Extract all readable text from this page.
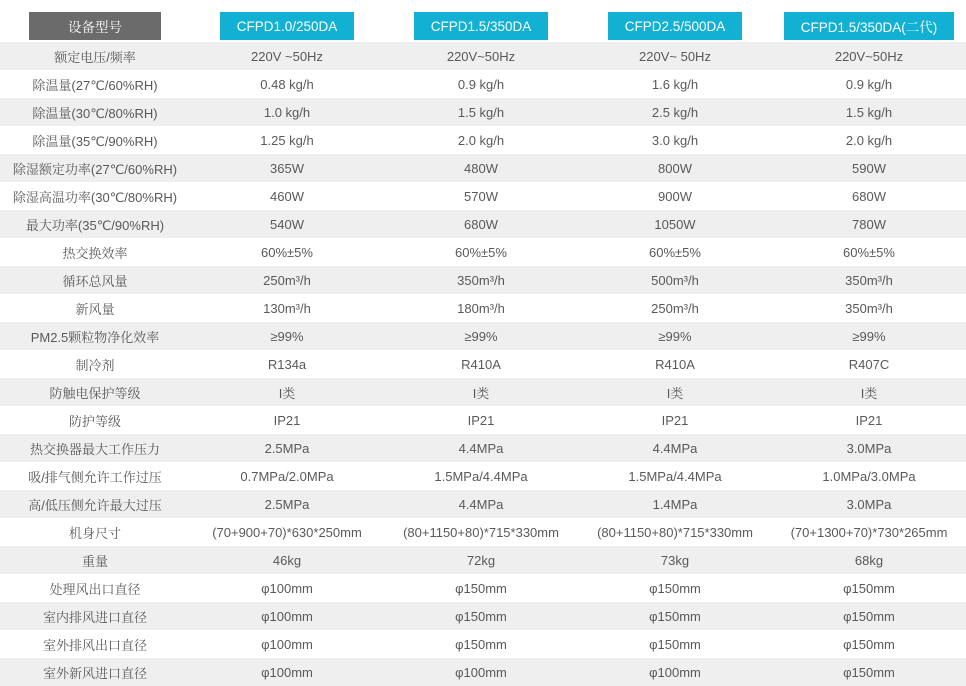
设备型号	CFPD1.0/250DA	CFPD1.5/350DA	CFPD2.5/500DA	CFPD1.5/350DA(二代)
额定电压/频率	220V ~50Hz	220V~50Hz	220V~ 50Hz	220V~50Hz
除温量(27℃/60%RH)	0.48 kg/h	0.9 kg/h	1.6 kg/h	0.9 kg/h
除温量(30℃/80%RH)	1.0 kg/h	1.5 kg/h	2.5 kg/h	1.5 kg/h
除温量(35℃/90%RH)	1.25 kg/h	2.0 kg/h	3.0 kg/h	2.0 kg/h
除湿额定功率(27℃/60%RH)	365W	480W	800W	590W
除湿高温功率(30℃/80%RH)	460W	570W	900W	680W
最大功率(35℃/90%RH)	540W	680W	1050W	780W
热交换效率	60%±5%	60%±5%	60%±5%	60%±5%
循环总风量	250m³/h	350m³/h	500m³/h	350m³/h
新风量	130m³/h	180m³/h	250m³/h	350m³/h
PM2.5颗粒物净化效率	≥99%	≥99%	≥99%	≥99%
制冷剂	R134a	R410A	R410A	R407C
防触电保护等级	I类	I类	I类	I类
防护等级	IP21	IP21	IP21	IP21
热交换器最大工作压力	2.5MPa	4.4MPa	4.4MPa	3.0MPa
吸/排气侧允许工作过压	0.7MPa/2.0MPa	1.5MPa/4.4MPa	1.5MPa/4.4MPa	1.0MPa/3.0MPa
高/低压侧允许最大过压	2.5MPa	4.4MPa	1.4MPa	3.0MPa
机身尺寸	(70+900+70)*630*250mm	(80+1150+80)*715*330mm	(80+1150+80)*715*330mm	(70+1300+70)*730*265mm
重量	46kg	72kg	73kg	68kg
处理风出口直径	φ100mm	φ150mm	φ150mm	φ150mm
室内排风进口直径	φ100mm	φ150mm	φ150mm	φ150mm
室外排风出口直径	φ100mm	φ150mm	φ150mm	φ150mm
室外新风进口直径	φ100mm	φ100mm	φ100mm	φ150mm
